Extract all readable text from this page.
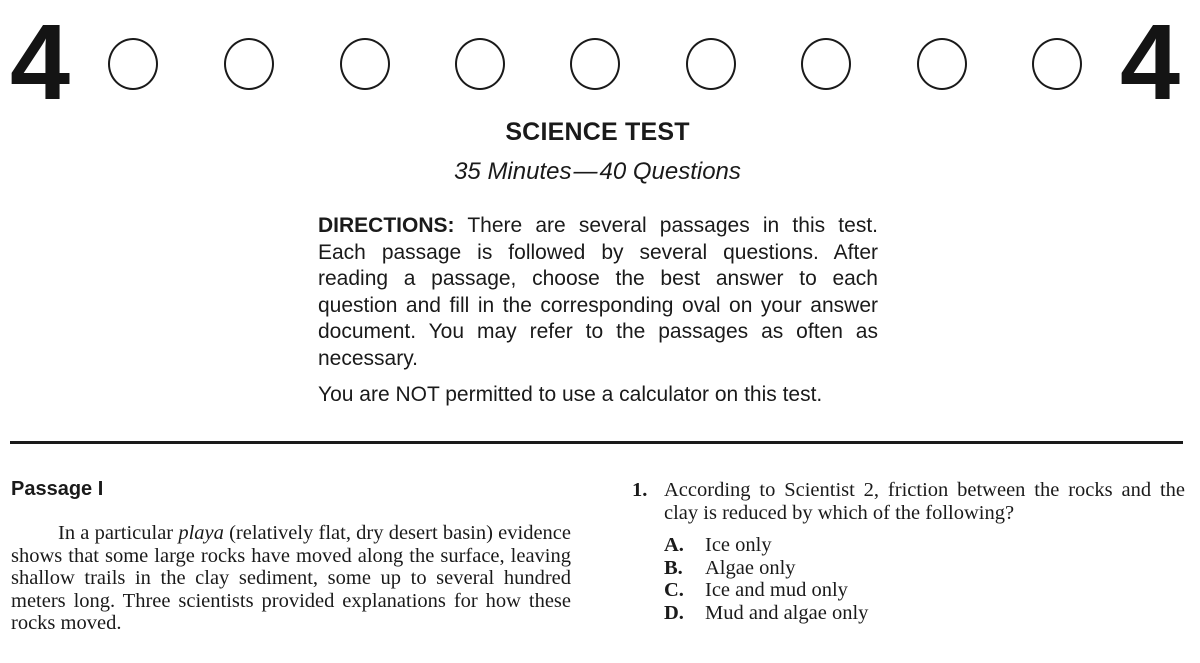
4	4
SCIENCE TEST
35 Minutes — 40 Questions

DIRECTIONS: There are several passages in this test. Each passage is followed by several questions. After reading a passage, choose the best answer to each question and fill in the corresponding oval on your answer document. You may refer to the passages as often as necessary.

You are NOT permitted to use a calculator on this test.

Passage I

In a particular playa (relatively flat, dry desert basin) evidence shows that some large rocks have moved along the surface, leaving shallow trails in the clay sediment, some up to several hundred meters long. Three scientists provided explanations for how these rocks moved.

1. According to Scientist 2, friction between the rocks and the clay is reduced by which of the following?

A. Ice only
B. Algae only
C. Ice and mud only
D. Mud and algae only
